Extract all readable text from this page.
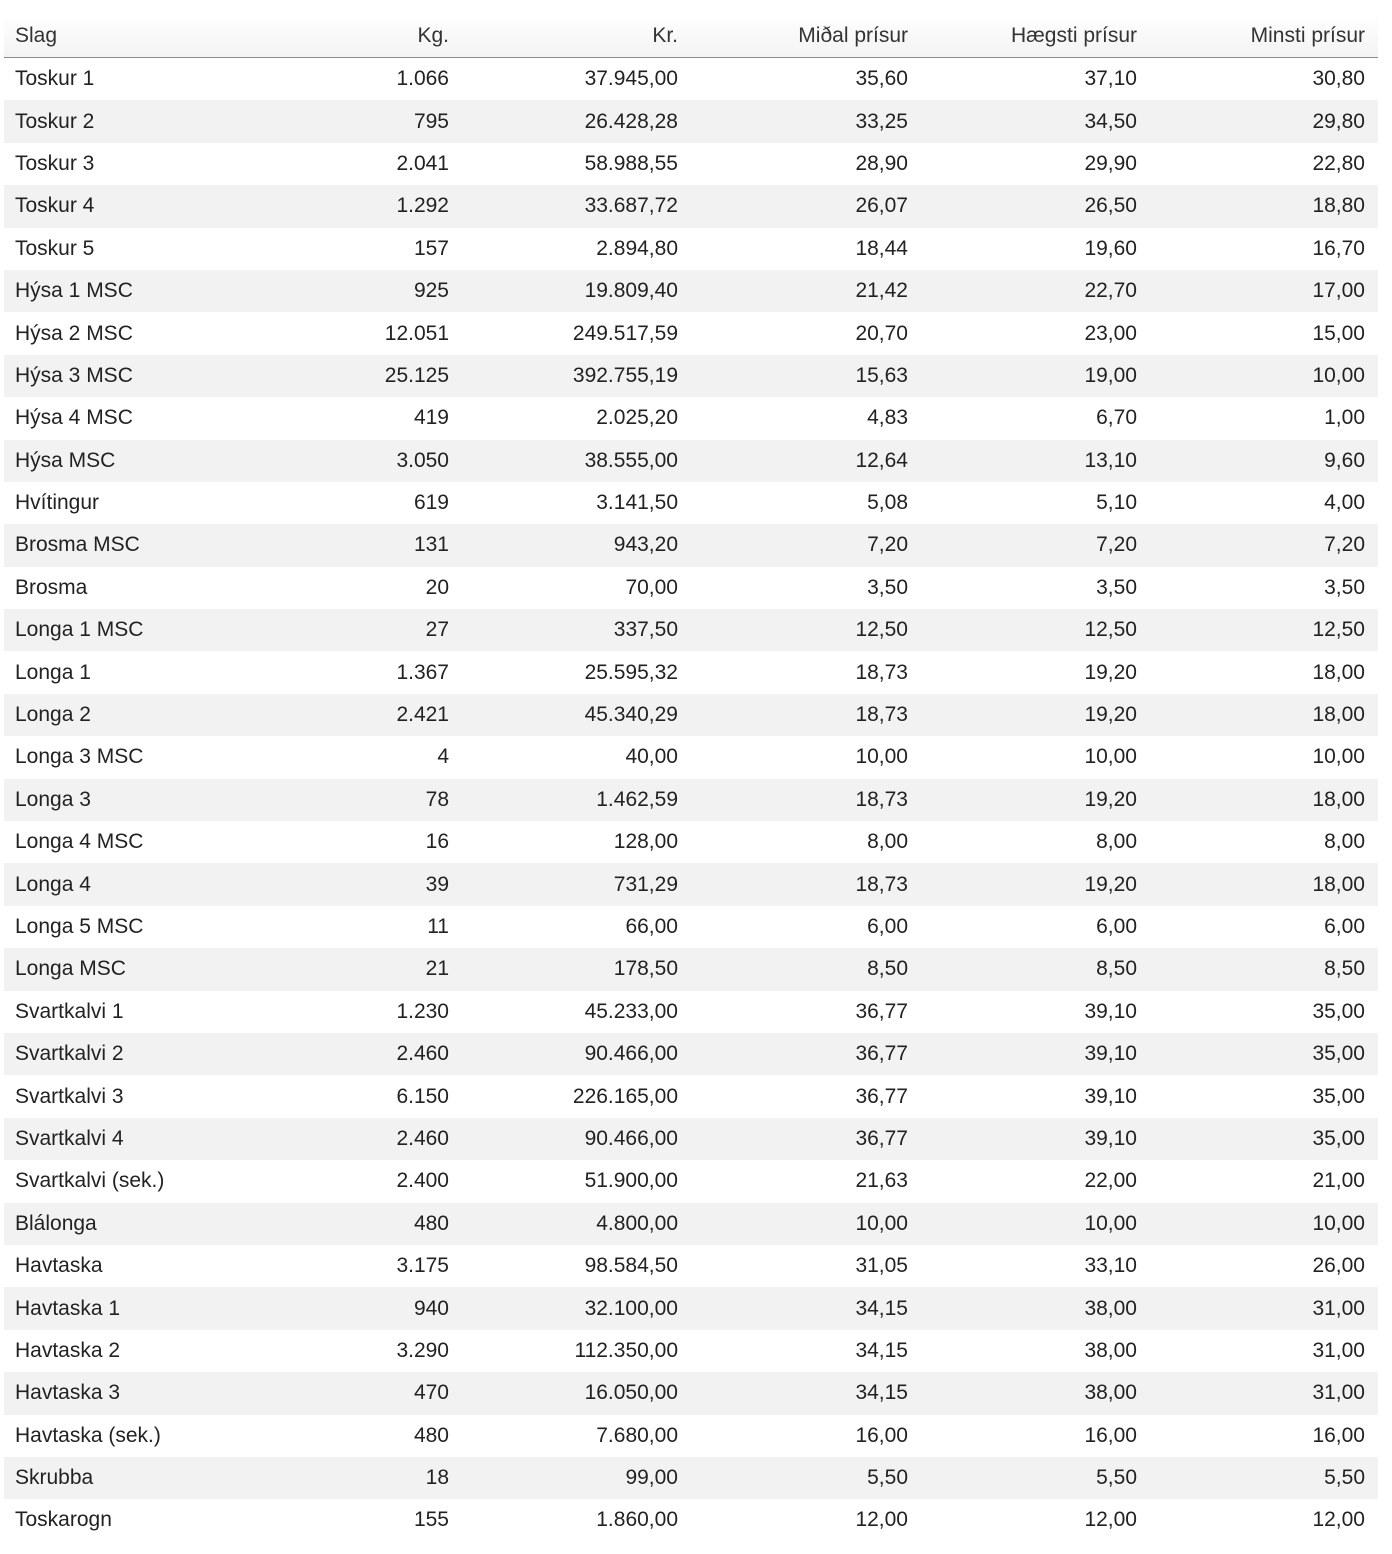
Slag	Kg.	Kr.	Miðal prísur	Hægsti prísur	Minsti prísur
Toskur 1	1.066	37.945,00	35,60	37,10	30,80
Toskur 2	795	26.428,28	33,25	34,50	29,80
Toskur 3	2.041	58.988,55	28,90	29,90	22,80
Toskur 4	1.292	33.687,72	26,07	26,50	18,80
Toskur 5	157	2.894,80	18,44	19,60	16,70
Hýsa 1 MSC	925	19.809,40	21,42	22,70	17,00
Hýsa 2 MSC	12.051	249.517,59	20,70	23,00	15,00
Hýsa 3 MSC	25.125	392.755,19	15,63	19,00	10,00
Hýsa 4 MSC	419	2.025,20	4,83	6,70	1,00
Hýsa MSC	3.050	38.555,00	12,64	13,10	9,60
Hvítingur	619	3.141,50	5,08	5,10	4,00
Brosma MSC	131	943,20	7,20	7,20	7,20
Brosma	20	70,00	3,50	3,50	3,50
Longa 1 MSC	27	337,50	12,50	12,50	12,50
Longa 1	1.367	25.595,32	18,73	19,20	18,00
Longa 2	2.421	45.340,29	18,73	19,20	18,00
Longa 3 MSC	4	40,00	10,00	10,00	10,00
Longa 3	78	1.462,59	18,73	19,20	18,00
Longa 4 MSC	16	128,00	8,00	8,00	8,00
Longa 4	39	731,29	18,73	19,20	18,00
Longa 5 MSC	11	66,00	6,00	6,00	6,00
Longa MSC	21	178,50	8,50	8,50	8,50
Svartkalvi 1	1.230	45.233,00	36,77	39,10	35,00
Svartkalvi 2	2.460	90.466,00	36,77	39,10	35,00
Svartkalvi 3	6.150	226.165,00	36,77	39,10	35,00
Svartkalvi 4	2.460	90.466,00	36,77	39,10	35,00
Svartkalvi (sek.)	2.400	51.900,00	21,63	22,00	21,00
Blálonga	480	4.800,00	10,00	10,00	10,00
Havtaska	3.175	98.584,50	31,05	33,10	26,00
Havtaska 1	940	32.100,00	34,15	38,00	31,00
Havtaska 2	3.290	112.350,00	34,15	38,00	31,00
Havtaska 3	470	16.050,00	34,15	38,00	31,00
Havtaska (sek.)	480	7.680,00	16,00	16,00	16,00
Skrubba	18	99,00	5,50	5,50	5,50
Toskarogn	155	1.860,00	12,00	12,00	12,00
